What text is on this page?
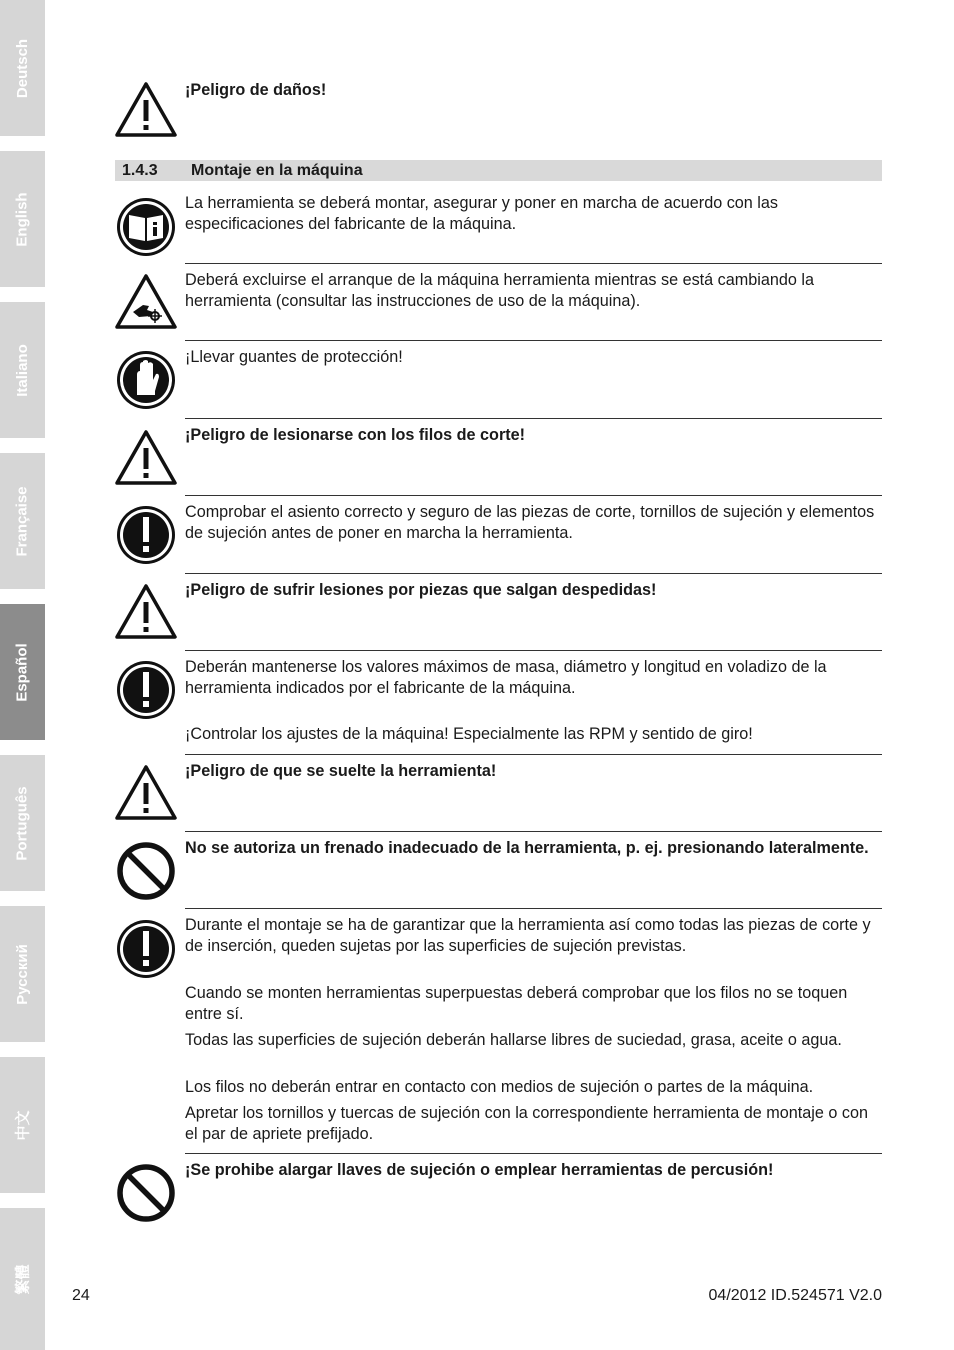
Deutsch
English
Italiano
Française
Español
Português
Русский
中文
繁體

¡Peligro de daños!

1.4.3 Montaje en la máquina

La herramienta se deberá montar, asegurar y poner en marcha de acuerdo con las especificaciones del fabricante de la máquina.

Deberá excluirse el arranque de la máquina herramienta mientras se está cambiando la herramienta (consultar las instrucciones de uso de la máquina).

¡Llevar guantes de protección!

¡Peligro de lesionarse con los filos de corte!

Comprobar el asiento correcto y seguro de las piezas de corte, tornillos de sujeción y elementos de sujeción antes de poner en marcha la herramienta.

¡Peligro de sufrir lesiones por piezas que salgan despedidas!

Deberán mantenerse los valores máximos de masa, diámetro y longitud en voladizo de la herramienta indicados por el fabricante de la máquina.

¡Controlar los ajustes de la máquina! Especialmente las RPM y sentido de giro!

¡Peligro de que se suelte la herramienta!

No se autoriza un frenado inadecuado de la herramienta, p. ej. presionando lateralmente.

Durante el montaje se ha de garantizar que la herramienta así como todas las piezas de corte y de inserción, queden sujetas por las superficies de sujeción previstas.

Cuando se monten herramientas superpuestas deberá comprobar que los filos no se toquen entre sí.

Todas las superficies de sujeción deberán hallarse libres de suciedad, grasa, aceite o agua.

Los filos no deberán entrar en contacto con medios de sujeción o partes de la máquina.

Apretar los tornillos y tuercas de sujeción con la correspondiente herramienta de montaje o con el par de apriete prefijado.

¡Se prohibe alargar llaves de sujeción o emplear herramientas de percusión!

24	04/2012 ID.524571 V2.0
